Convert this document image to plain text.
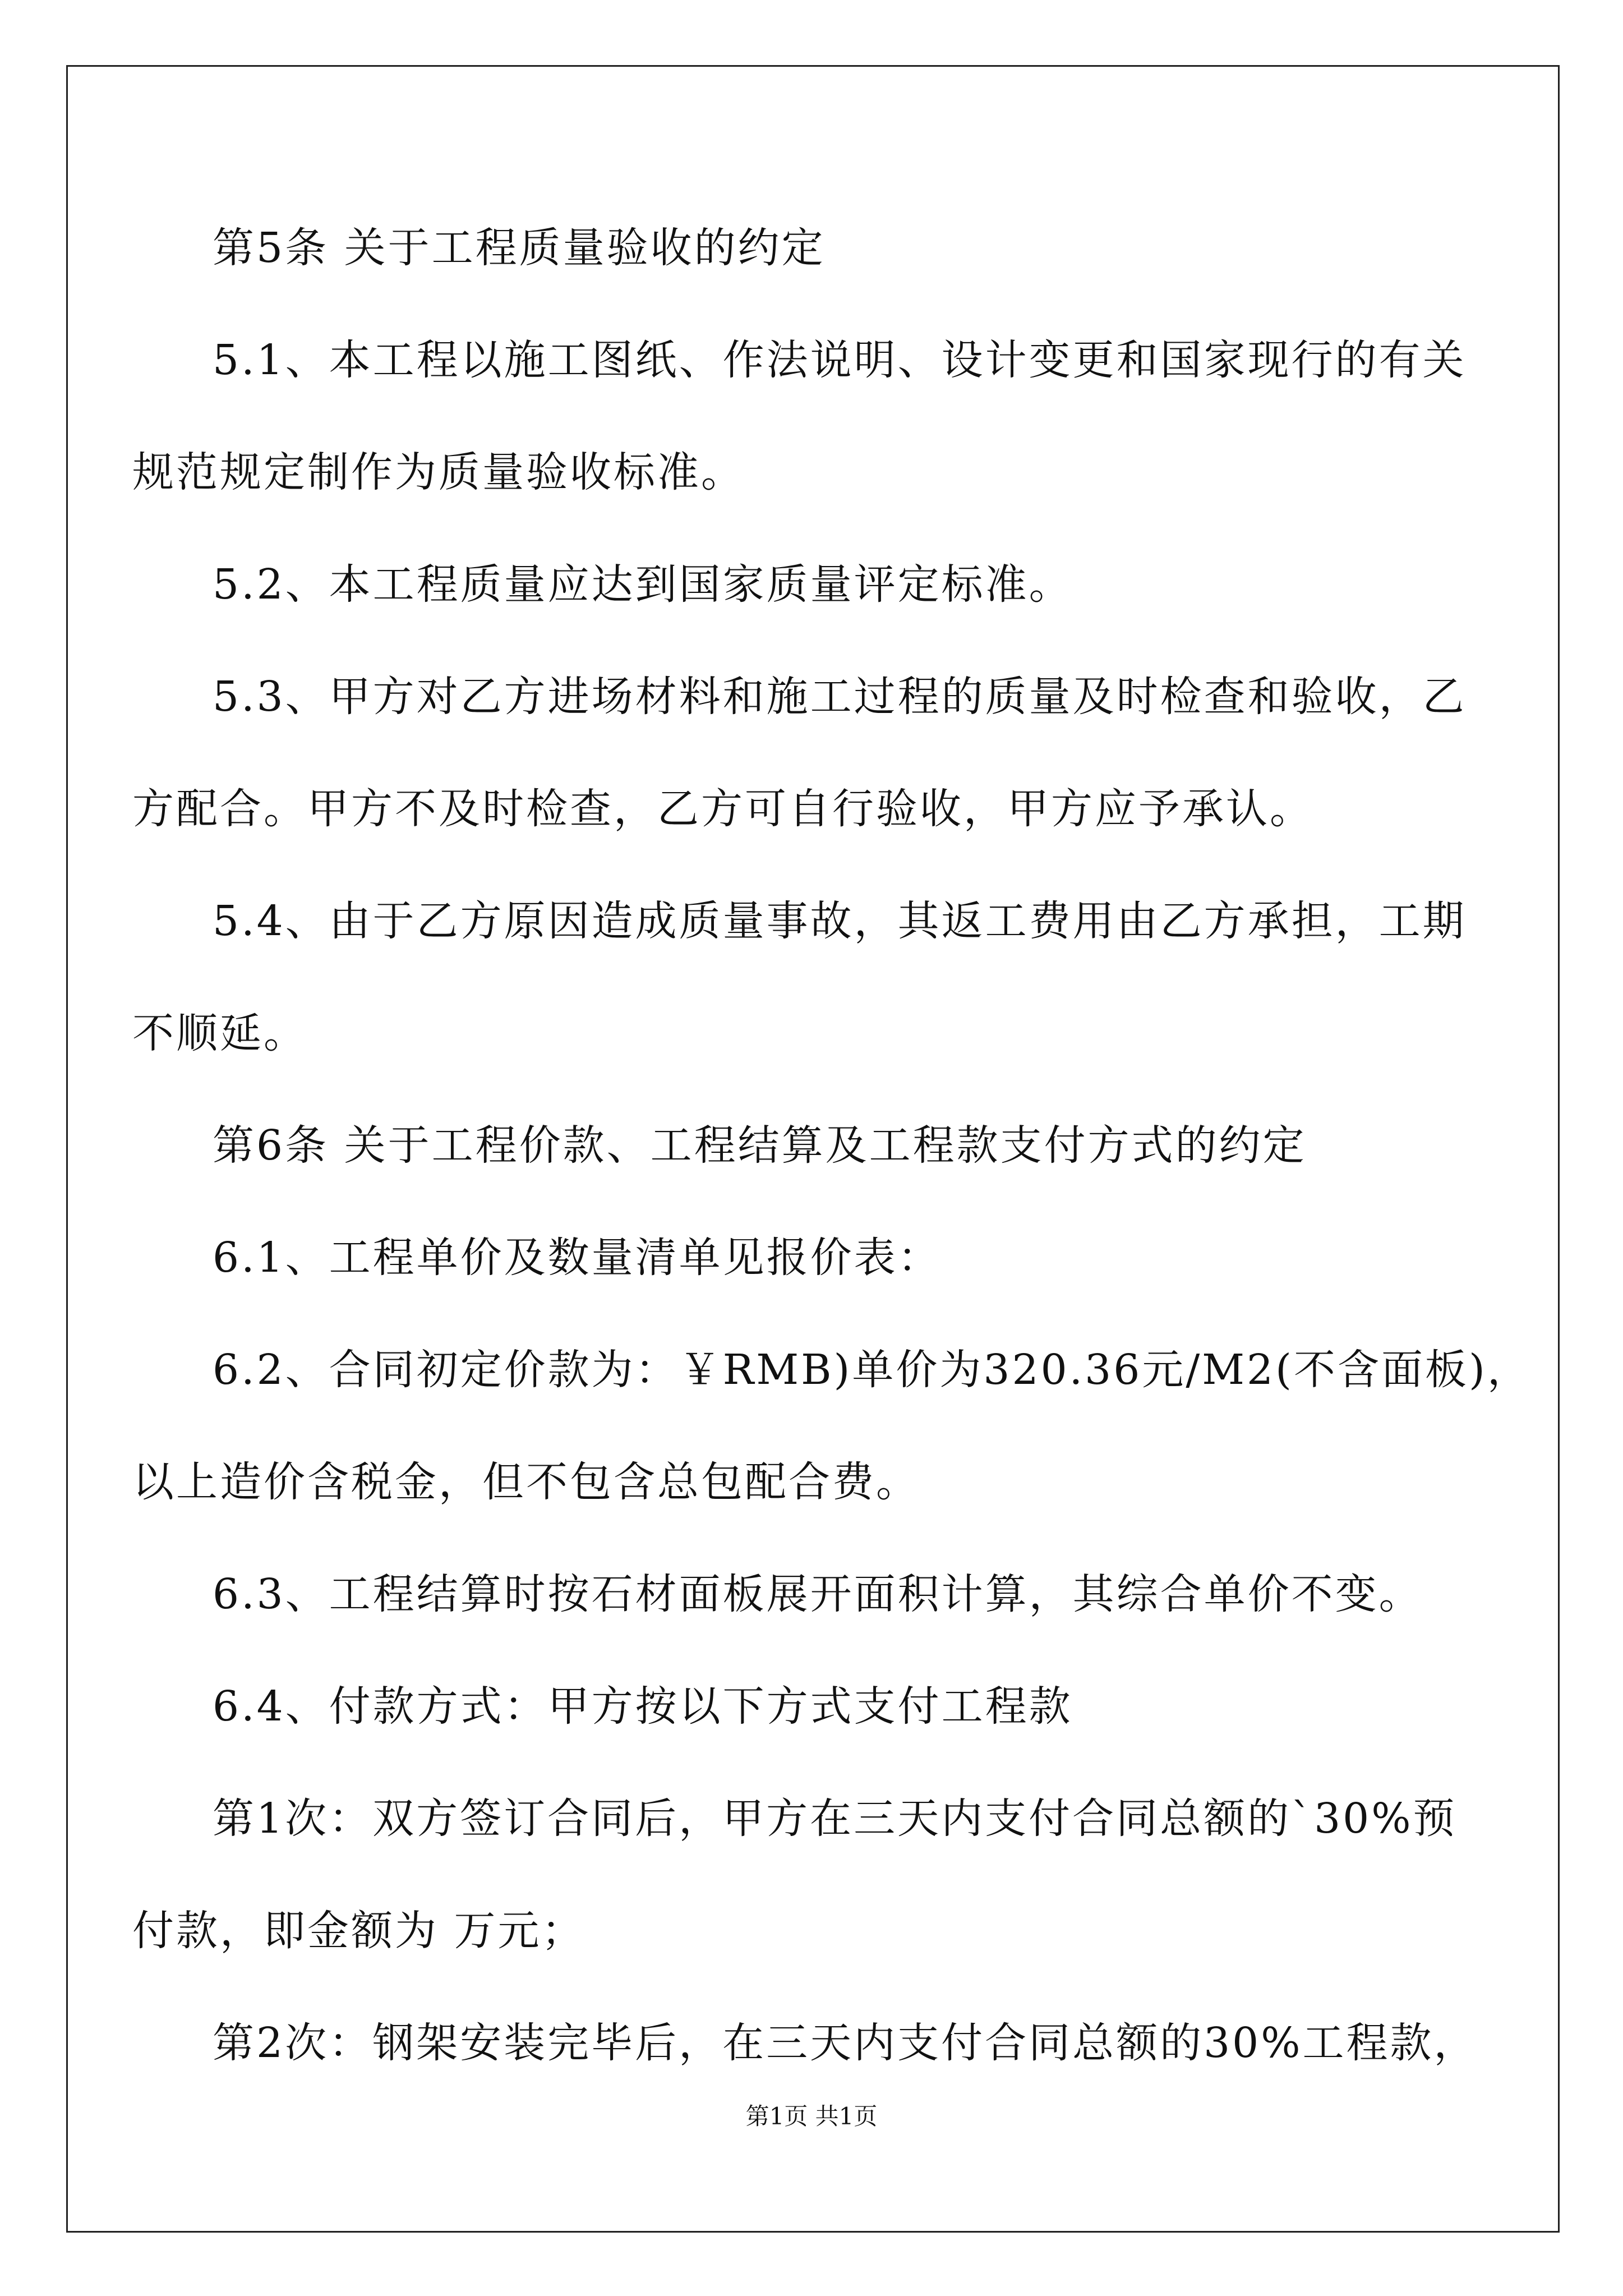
第5条 关于工程质量验收的约定

5.1、本工程以施工图纸、作法说明、设计变更和国家现行的有关

规范规定制作为质量验收标准。

5.2、本工程质量应达到国家质量评定标准。

5.3、甲方对乙方进场材料和施工过程的质量及时检查和验收，乙

方配合。甲方不及时检查，乙方可自行验收，甲方应予承认。

5.4、由于乙方原因造成质量事故，其返工费用由乙方承担，工期

不顺延。

第6条 关于工程价款、工程结算及工程款支付方式的约定

6.1、工程单价及数量清单见报价表：

6.2、合同初定价款为：￥RMB)单价为320.36元/M2(不含面板)，

以上造价含税金，但不包含总包配合费。

6.3、工程结算时按石材面板展开面积计算，其综合单价不变。

6.4、付款方式：甲方按以下方式支付工程款

第1次：双方签订合同后，甲方在三天内支付合同总额的`30%预

付款，即金额为 万元；

第2次：钢架安装完毕后，在三天内支付合同总额的30%工程款，

第1页 共1页
